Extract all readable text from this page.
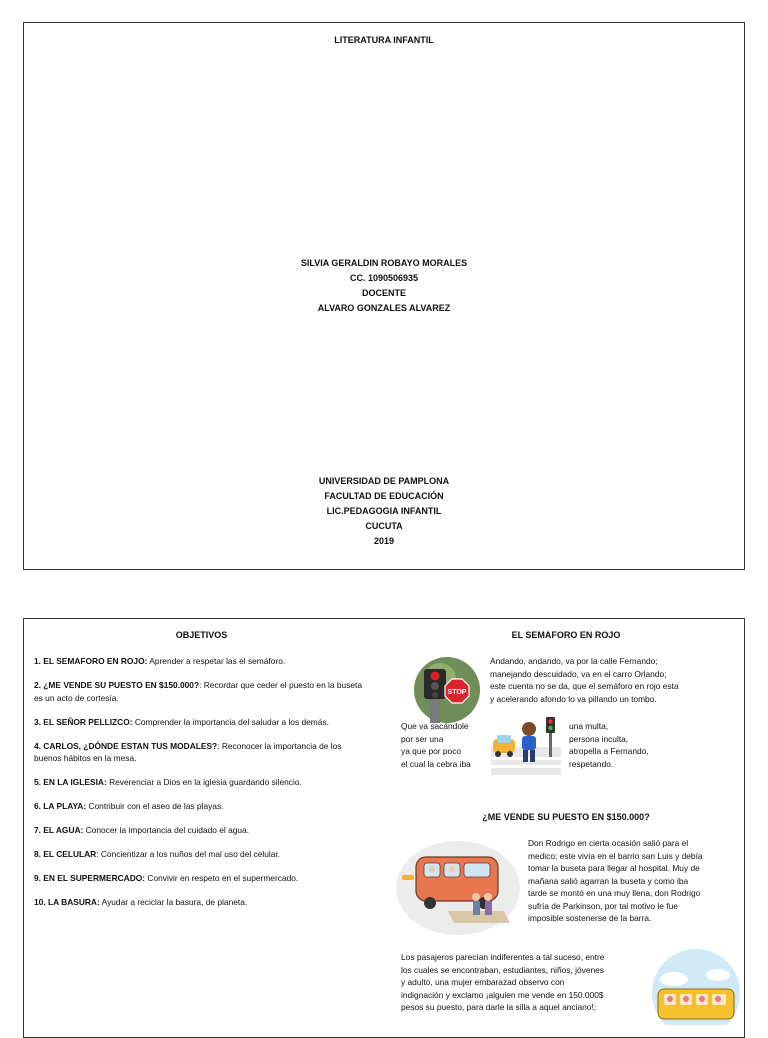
LITERATURA INFANTIL
SILVIA GERALDIN ROBAYO MORALES
CC. 1090506935
DOCENTE
ALVARO GONZALES ALVAREZ
UNIVERSIDAD DE PAMPLONA
FACULTAD DE EDUCACIÓN
LIC.PEDAGOGIA INFANTIL
CUCUTA
2019
OBJETIVOS
1. EL SEMAFORO EN ROJO: Aprender a respetar las el semáforo.
2. ¿ME VENDE SU PUESTO EN $150.000?: Recordar que ceder el puesto en la buseta es un acto de cortesía.
3. EL SEÑOR PELLIZCO: Comprender la importancia del saludar a los demás.
4. CARLOS, ¿DÓNDE ESTAN TUS MODALES?: Reconocer la importancia de los buenos hábitos en la mesa.
5. EN LA IGLESIA: Reverenciar a Dios en la iglesia guardando silencio.
6. LA PLAYA: Contribuir con el aseo de las playas.
7. EL AGUA: Conocer la importancia del cuidado el agua.
8. EL CELULAR: Concientizar a los nuños del mal uso del celular.
9. EN EL SUPERMERCADO: Convivir en respeto en el supermercado.
10. LA BASURA: Ayudar a reciclar la basura, de planeta.
EL SEMAFORO EN ROJO
STOP
Andando, andando, va por la calle Fernando;
manejando descuidado, va en el carro Orlando;
este cuenta no se da, que el semáforo en rojo esta
y acelerando afondo lo va pillando un tombo.
Que va sacándole
por ser una
ya que por poco
el cual la cebra iba
una multa,
persona inculta,
atropella a Fernando,
respetando.
¿ME VENDE SU PUESTO EN $150.000?
Don Rodrigo en cierta ocasión salió para el
medico; este vivía en el barrio san Luis y debía
tomar la buseta para llegar al hospital. Muy de
mañana salió agarran la buseta y como iba
tarde se montó en una muy llena, don Rodrigo
sufría de Parkinson, por tal motivo le fue
imposible sostenerse de la barra.
Los pasajeros parecían indiferentes a tal suceso, entre
los cuales se encontraban, estudiantes, niños, jóvenes
y adulto, una mujer embarazad observo con
indignación y exclamo ¡alguien me vende en 150.000$
pesos su puesto, para darle la silla a aquel anciano!;
